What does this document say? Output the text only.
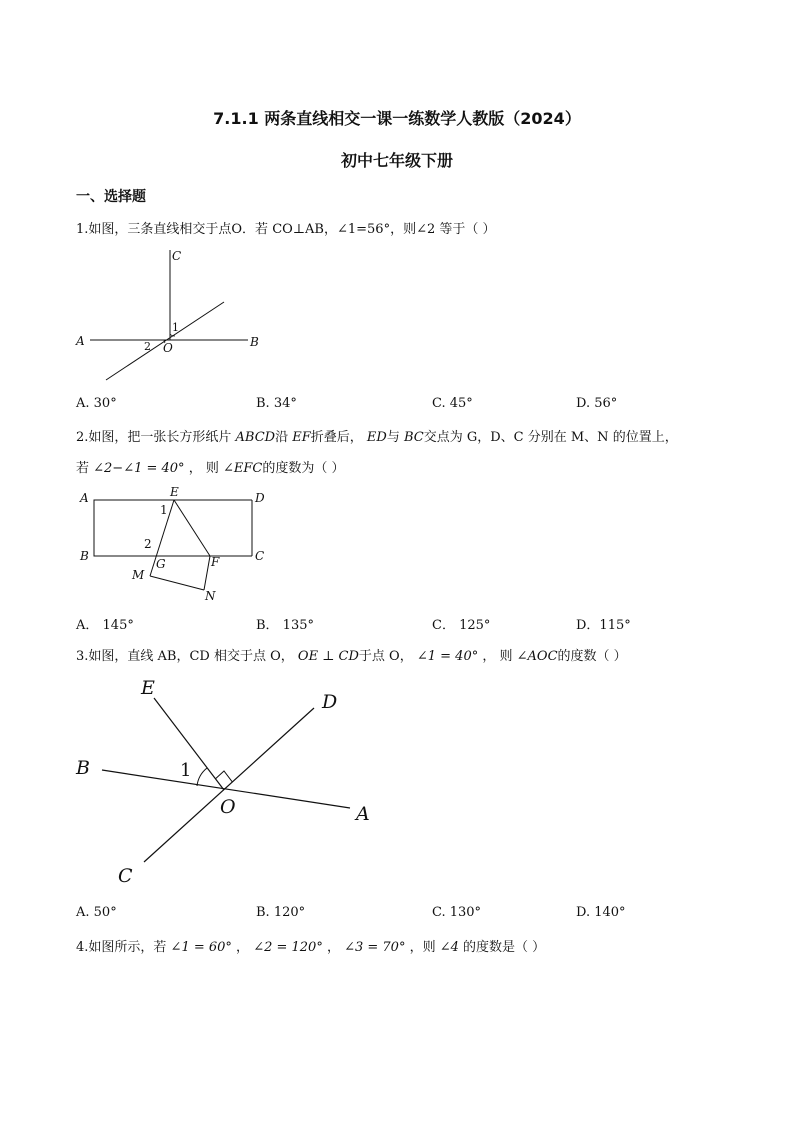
7.1.1 两条直线相交一课一练数学人教版（2024）
初中七年级下册
一、选择题
1.如图，三条直线相交于点O．若 CO⊥AB，∠1=56°，则∠2 等于（ ）
C
A	B
O
1
2
A. 30°	B. 34°	C. 45°	D. 56°
2.如图，把一张长方形纸片 ABCD沿 EF折叠后， ED与 BC交点为 G，D、C 分别在 M、N 的位置上，
若 ∠2−∠1 = 40° ， 则 ∠EFC的度数为（ ）
A	D
B	C
E
F
G
M
N
1
2
A． 145°	B． 135°	C． 125°	D．115°
3.如图，直线 AB，CD 相交于点 O， OE ⊥ CD于点 O， ∠1 = 40° ， 则 ∠AOC的度数（ ）
E
D
B
A
O
C
1
A. 50°	B. 120°	C. 130°	D. 140°
4.如图所示，若 ∠1 = 60° ， ∠2 = 120° ， ∠3 = 70° ，则 ∠4 的度数是（ ）
